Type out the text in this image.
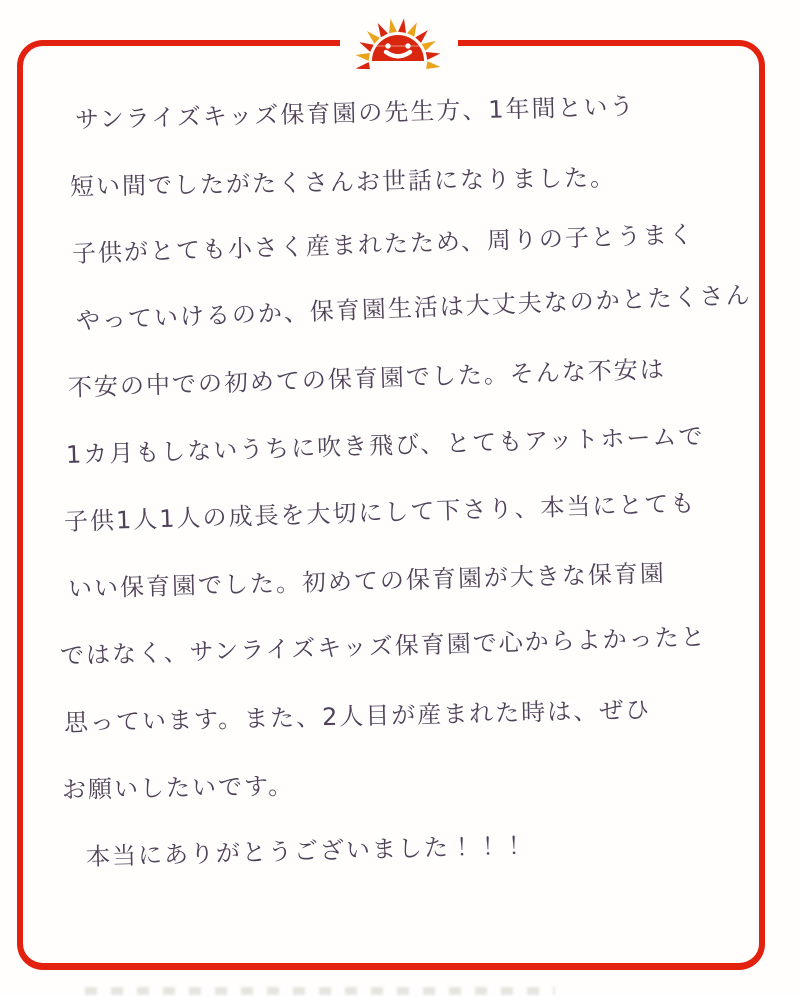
サンライズキッズ保育園の先生方、1年間という

短い間でしたがたくさんお世話になりました。

子供がとても小さく産まれたため、周りの子とうまく

やっていけるのか、保育園生活は大丈夫なのかとたくさん

不安の中での初めての保育園でした。そんな不安は

1カ月もしないうちに吹き飛び、とてもアットホームで

子供1人1人の成長を大切にして下さり、本当にとても

いい保育園でした。初めての保育園が大きな保育園

ではなく、サンライズキッズ保育園で心からよかったと

思っています。また、2人目が産まれた時は、ぜひ

お願いしたいです。

本当にありがとうございました！！！
